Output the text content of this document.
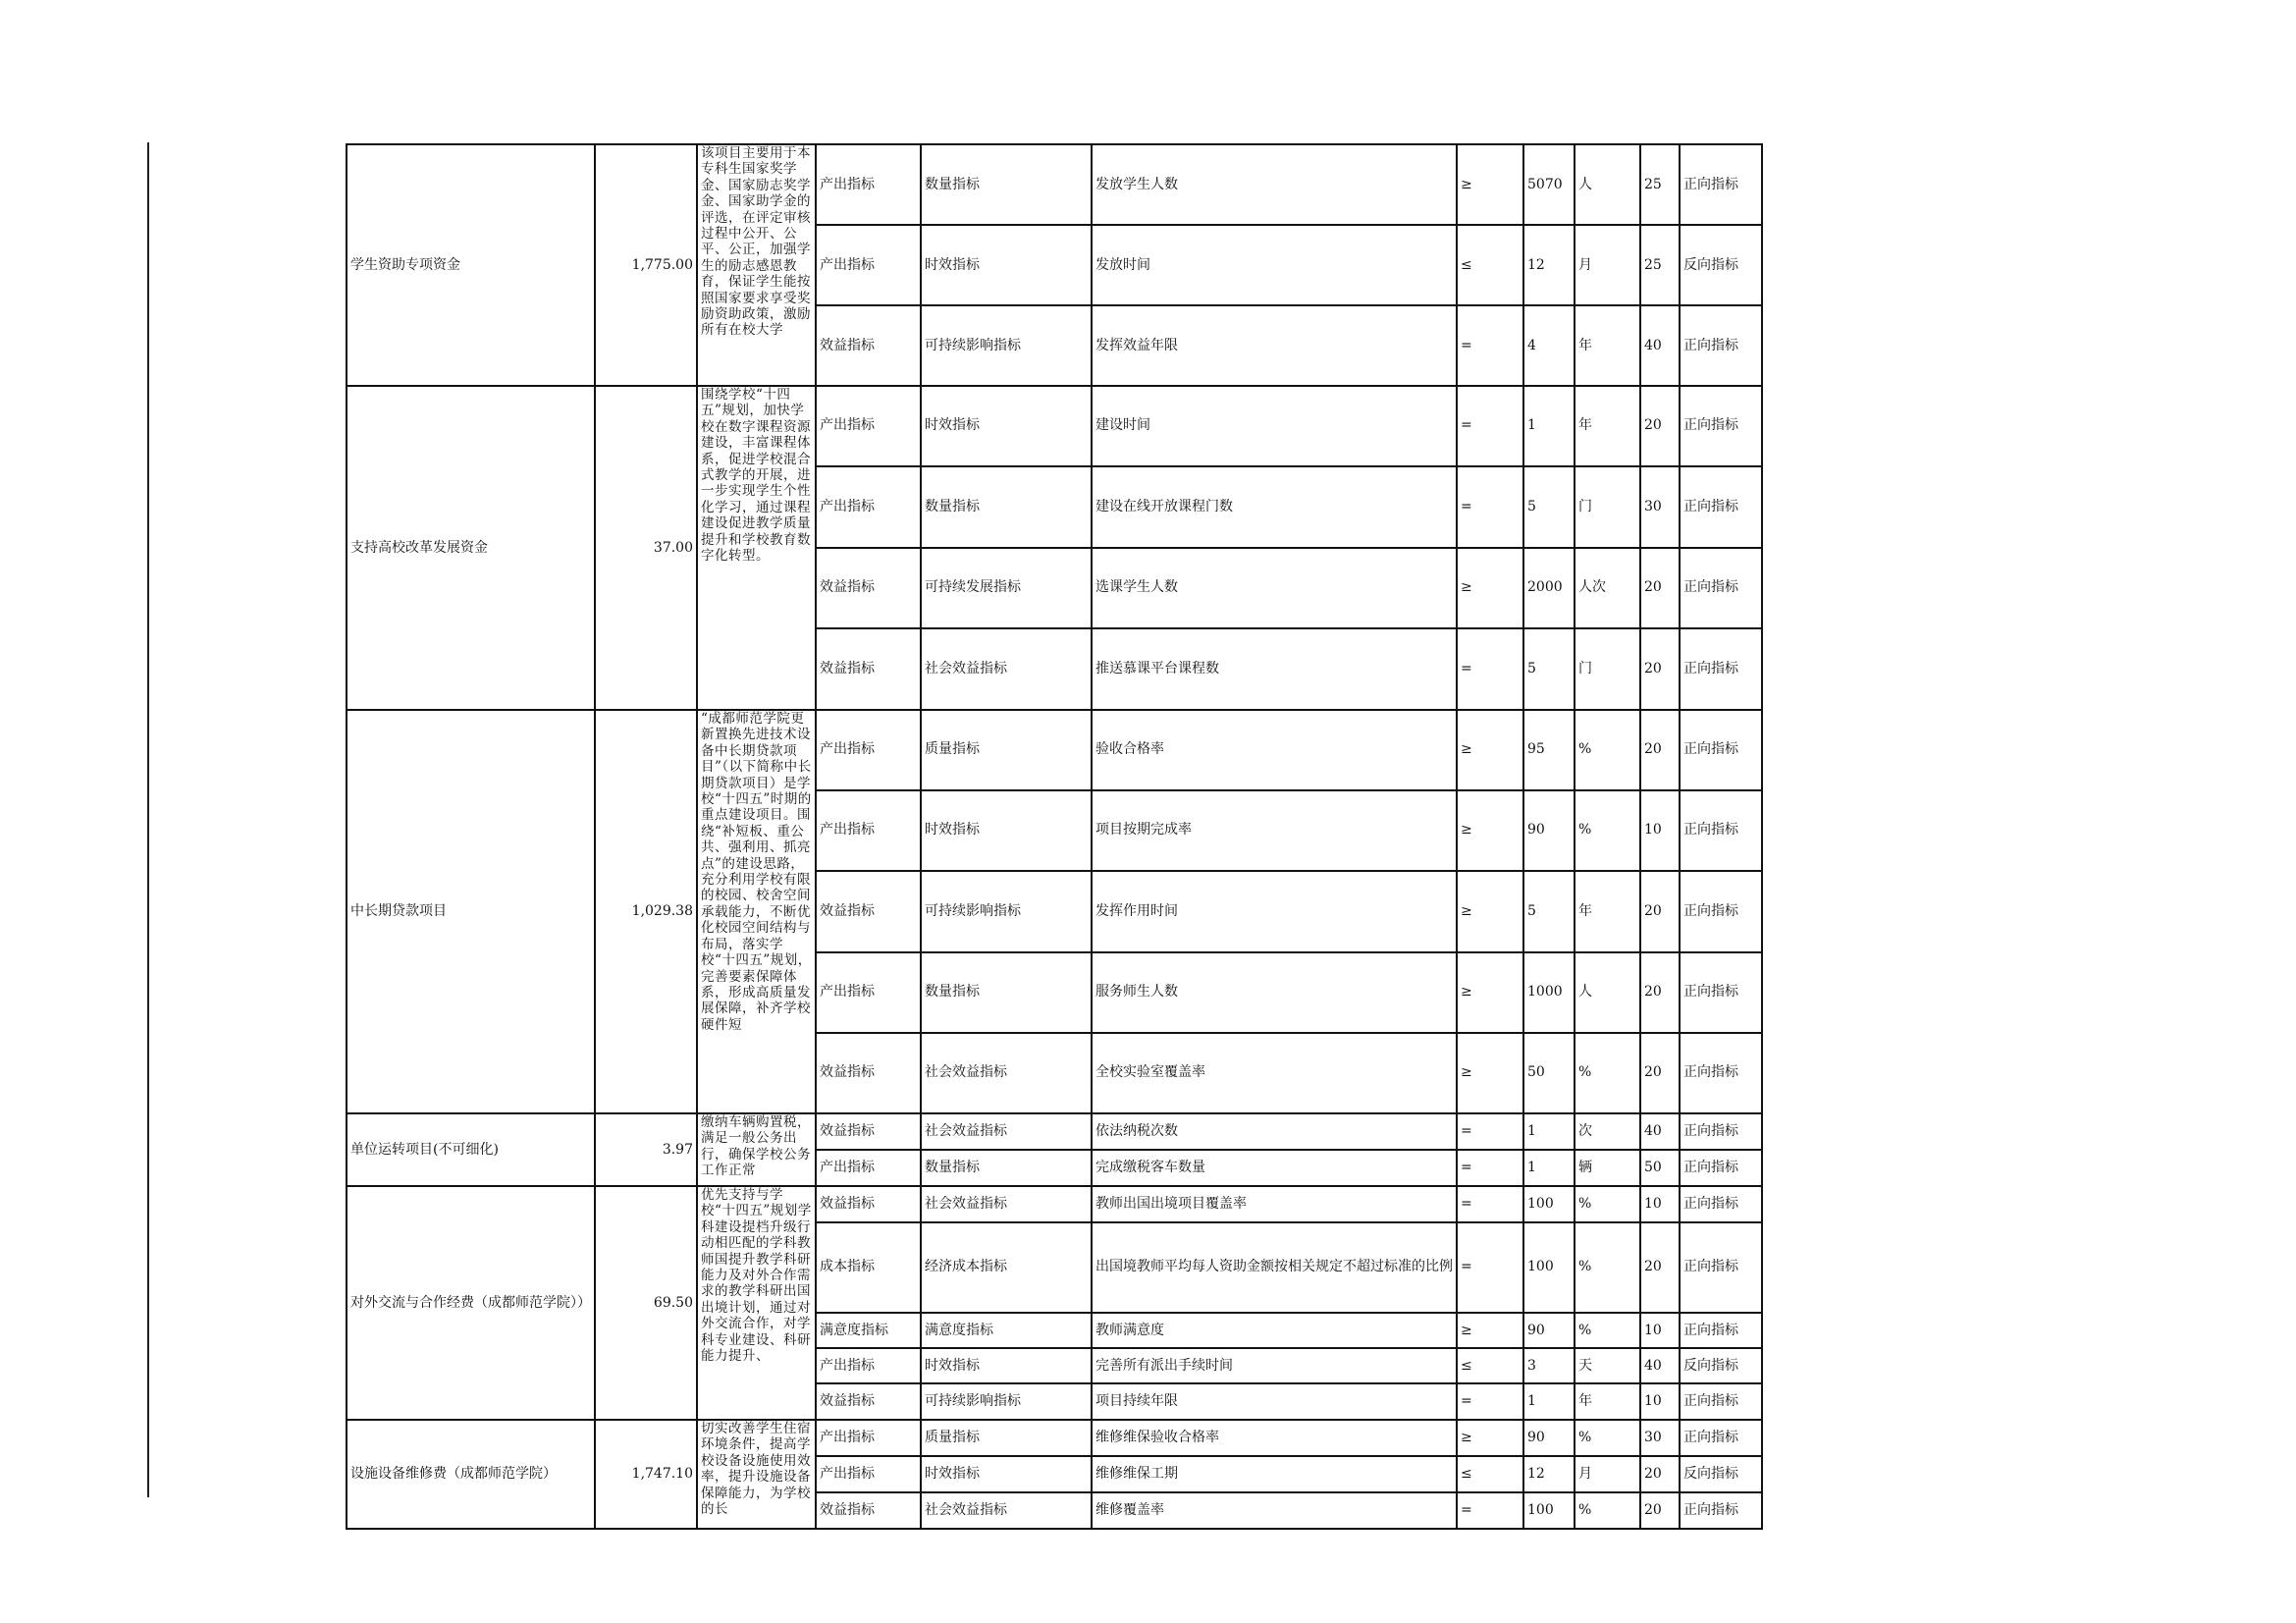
学生资助专项资金	1,775.00	该项目主要用于本专科生国家奖学金、国家励志奖学金、国家助学金的评选，在评定审核过程中公开、公平、公正，加强学生的励志感恩教育，保证学生能按照国家要求享受奖励资助政策，激励所有在校大学	产出指标	数量指标	发放学生人数	≥	5070	人	25	正向指标
			产出指标	时效指标	发放时间	≤	12	月	25	反向指标
			效益指标	可持续影响指标	发挥效益年限	=	4	年	40	正向指标
支持高校改革发展资金	37.00	围绕学校“十四五”规划，加快学校在数字课程资源建设，丰富课程体系，促进学校混合式教学的开展，进一步实现学生个性化学习，通过课程建设促进教学质量提升和学校教育数字化转型。	产出指标	时效指标	建设时间	=	1	年	20	正向指标
			产出指标	数量指标	建设在线开放课程门数	=	5	门	30	正向指标
			效益指标	可持续发展指标	选课学生人数	≥	2000	人次	20	正向指标
			效益指标	社会效益指标	推送慕课平台课程数	=	5	门	20	正向指标
中长期贷款项目	1,029.38	“成都师范学院更新置换先进技术设备中长期贷款项目”（以下简称中长期贷款项目）是学校“十四五”时期的重点建设项目。围绕“补短板、重公共、强利用、抓亮点”的建设思路，充分利用学校有限的校园、校舍空间承载能力，不断优化校园空间结构与布局，落实学校“十四五”规划，完善要素保障体系，形成高质量发展保障，补齐学校硬件短	产出指标	质量指标	验收合格率	≥	95	%	20	正向指标
			产出指标	时效指标	项目按期完成率	≥	90	%	10	正向指标
			效益指标	可持续影响指标	发挥作用时间	≥	5	年	20	正向指标
			产出指标	数量指标	服务师生人数	≥	1000	人	20	正向指标
			效益指标	社会效益指标	全校实验室覆盖率	≥	50	%	20	正向指标
单位运转项目(不可细化)	3.97	缴纳车辆购置税，满足一般公务出行，确保学校公务工作正常	效益指标	社会效益指标	依法纳税次数	=	1	次	40	正向指标
			产出指标	数量指标	完成缴税客车数量	=	1	辆	50	正向指标
对外交流与合作经费（成都师范学院））	69.50	优先支持与学校“十四五”规划学科建设提档升级行动相匹配的学科教师国提升教学科研能力及对外合作需求的教学科研出国出境计划，通过对外交流合作，对学科专业建设、科研能力提升、	效益指标	社会效益指标	教师出国出境项目覆盖率	=	100	%	10	正向指标
			成本指标	经济成本指标	出国境教师平均每人资助金额按相关规定不超过标准的比例	=	100	%	20	正向指标
			满意度指标	满意度指标	教师满意度	≥	90	%	10	正向指标
			产出指标	时效指标	完善所有派出手续时间	≤	3	天	40	反向指标
			效益指标	可持续影响指标	项目持续年限	=	1	年	10	正向指标
设施设备维修费（成都师范学院）	1,747.10	切实改善学生住宿环境条件，提高学校设备设施使用效率，提升设施设备保障能力，为学校的长	产出指标	质量指标	维修维保验收合格率	≥	90	%	30	正向指标
			产出指标	时效指标	维修维保工期	≤	12	月	20	反向指标
			效益指标	社会效益指标	维修覆盖率	=	100	%	20	正向指标
